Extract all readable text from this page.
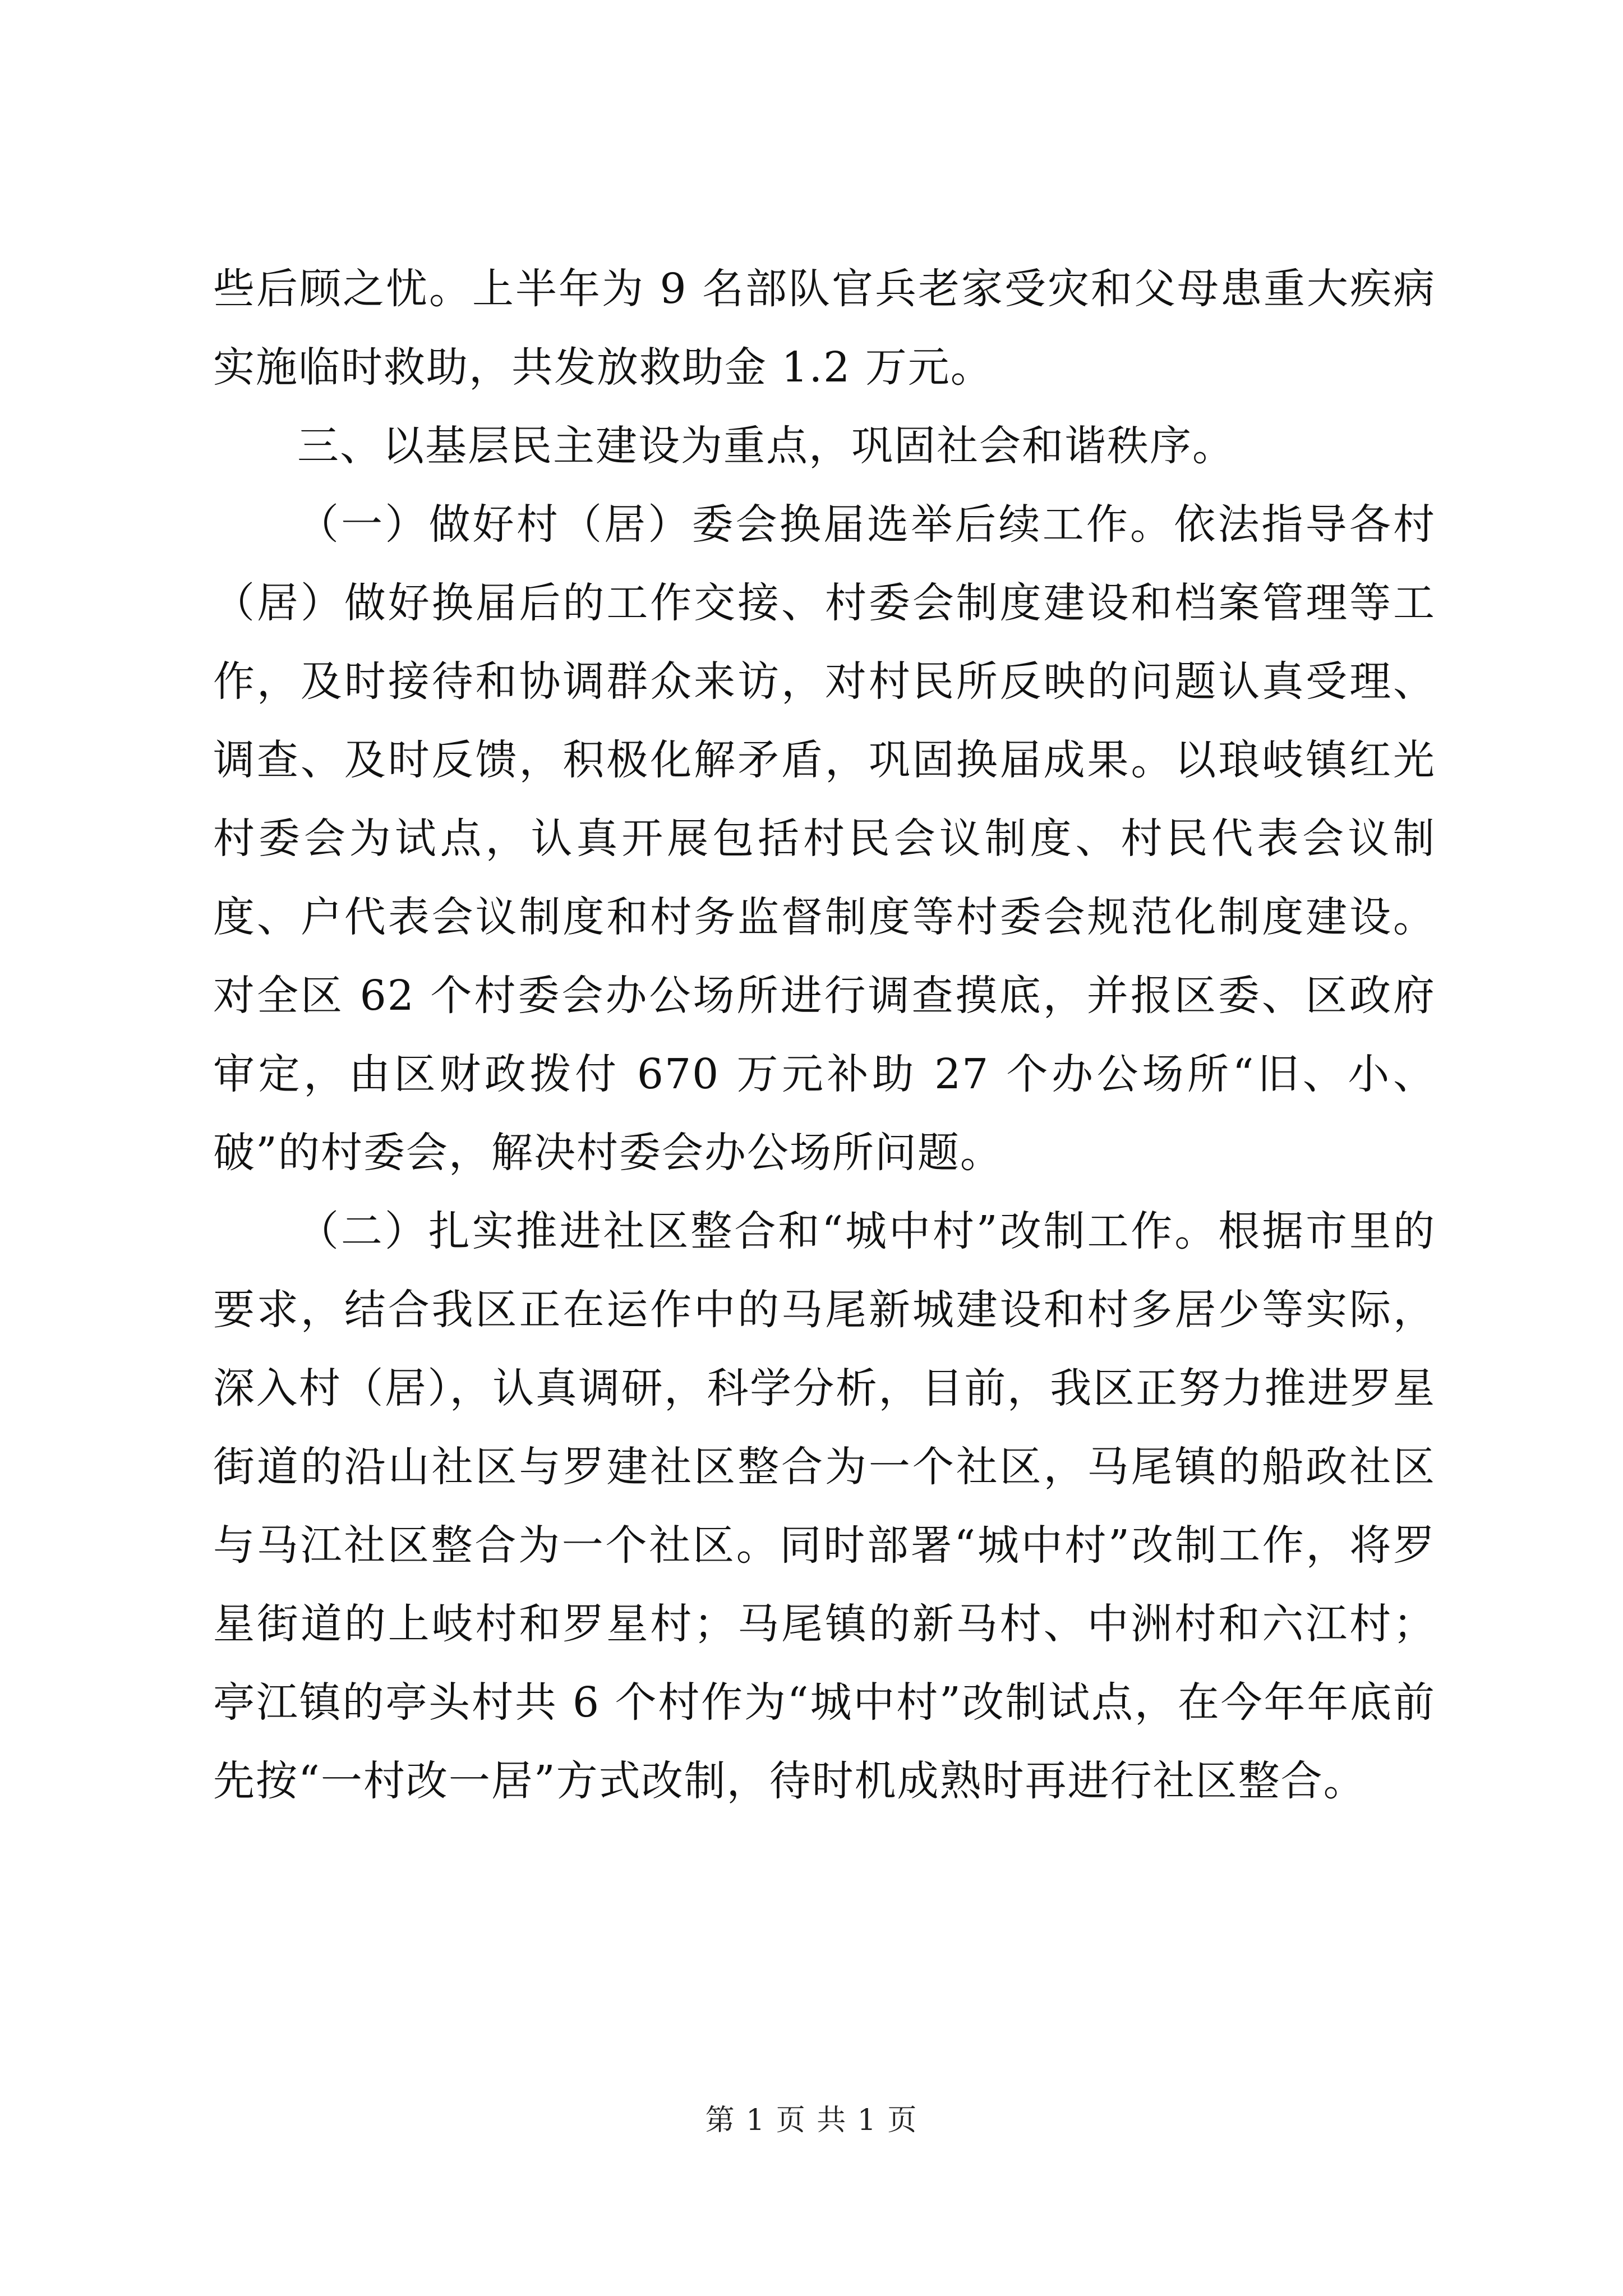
些后顾之忧。上半年为 9 名部队官兵老家受灾和父母患重大疾病实施临时救助，共发放救助金 1.2 万元。

三、以基层民主建设为重点，巩固社会和谐秩序。

（一）做好村（居）委会换届选举后续工作。依法指导各村（居）做好换届后的工作交接、村委会制度建设和档案管理等工作，及时接待和协调群众来访，对村民所反映的问题认真受理、调查、及时反馈，积极化解矛盾，巩固换届成果。以琅岐镇红光村委会为试点，认真开展包括村民会议制度、村民代表会议制度、户代表会议制度和村务监督制度等村委会规范化制度建设。对全区 62 个村委会办公场所进行调查摸底，并报区委、区政府审定，由区财政拨付 670 万元补助 27 个办公场所“旧、小、破”的村委会，解决村委会办公场所问题。

（二）扎实推进社区整合和“城中村”改制工作。根据市里的要求，结合我区正在运作中的马尾新城建设和村多居少等实际，深入村（居），认真调研，科学分析，目前，我区正努力推进罗星街道的沿山社区与罗建社区整合为一个社区，马尾镇的船政社区与马江社区整合为一个社区。同时部署“城中村”改制工作，将罗星街道的上岐村和罗星村；马尾镇的新马村、中洲村和六江村；亭江镇的亭头村共 6 个村作为“城中村”改制试点，在今年年底前先按“一村改一居”方式改制，待时机成熟时再进行社区整合。

第 1 页 共 1 页
